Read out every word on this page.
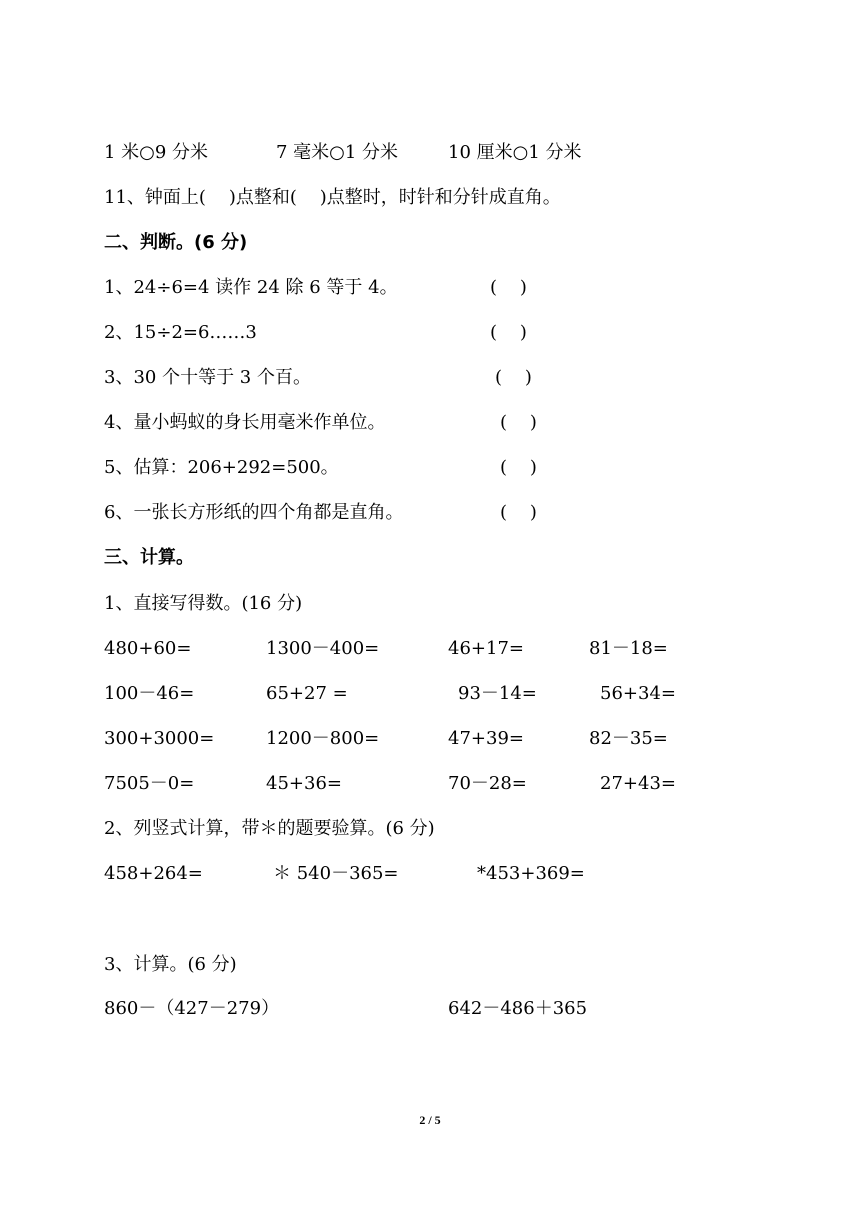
1 米○9 分米	7 毫米○1 分米	10 厘米○1 分米
11、钟面上(    )点整和(    )点整时，时针和分针成直角。
二、判断。(6 分)
1、24÷6=4 读作 24 除 6 等于 4。	(    )
2、15÷2=6……3	(    )
3、30 个十等于 3 个百。	(    )
4、量小蚂蚁的身长用毫米作单位。	(    )
5、估算：206+292=500。	(    )
6、一张长方形纸的四个角都是直角。	(    )
三、计算。
1、直接写得数。(16 分)
480+60=	1300－400=	46+17=	81－18=
100－46=	65+27 =	93－14=	56+34=
300+3000=	1200－800=	47+39=	82－35=
7505－0=	45+36=	70－28=	27+43=
2、列竖式计算，带＊的题要验算。(6 分)
458+264=	＊ 540－365=	*453+369=
3、计算。(6 分)
860－（427－279）	642－486＋365
2 / 5
